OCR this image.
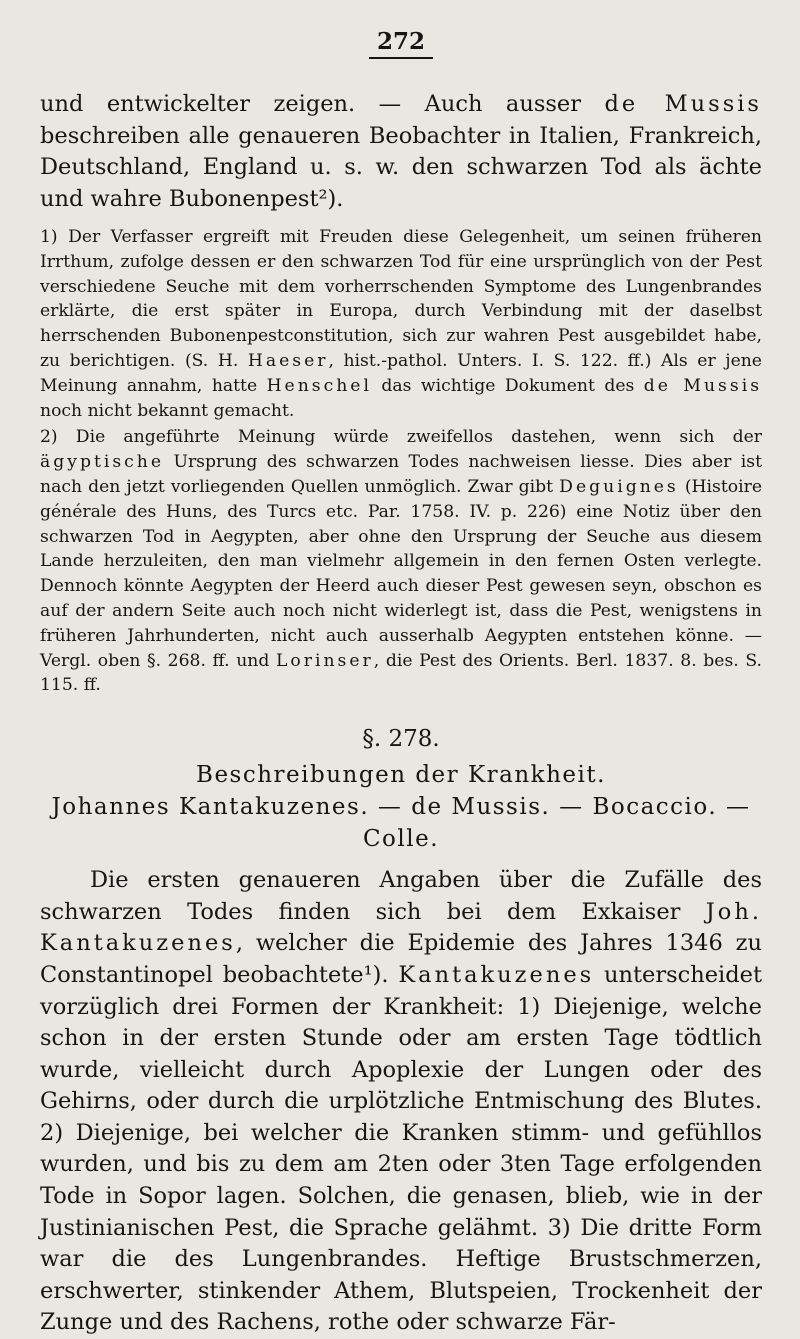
272

und entwickelter zeigen. — Auch ausser de Mussis beschreiben alle genaueren Beobachter in Italien, Frankreich, Deutschland, England u. s. w. den schwarzen Tod als ächte und wahre Bubonenpest²).

1) Der Verfasser ergreift mit Freuden diese Gelegenheit, um seinen früheren Irrthum, zufolge dessen er den schwarzen Tod für eine ursprünglich von der Pest verschiedene Seuche mit dem vorherrschenden Symptome des Lungenbrandes erklärte, die erst später in Europa, durch Verbindung mit der daselbst herrschenden Bubonenpestconstitution, sich zur wahren Pest ausgebildet habe, zu berichtigen. (S. H. Haeser, hist.-pathol. Unters. I. S. 122. ff.) Als er jene Meinung annahm, hatte Henschel das wichtige Dokument des de Mussis noch nicht bekannt gemacht.

2) Die angeführte Meinung würde zweifellos dastehen, wenn sich der ägyptische Ursprung des schwarzen Todes nachweisen liesse. Dies aber ist nach den jetzt vorliegenden Quellen unmöglich. Zwar gibt Deguignes (Histoire générale des Huns, des Turcs etc. Par. 1758. IV. p. 226) eine Notiz über den schwarzen Tod in Aegypten, aber ohne den Ursprung der Seuche aus diesem Lande herzuleiten, den man vielmehr allgemein in den fernen Osten verlegte. Dennoch könnte Aegypten der Heerd auch dieser Pest gewesen seyn, obschon es auf der andern Seite auch noch nicht widerlegt ist, dass die Pest, wenigstens in früheren Jahrhunderten, nicht auch ausserhalb Aegypten entstehen könne. — Vergl. oben §. 268. ff. und Lorinser, die Pest des Orients. Berl. 1837. 8. bes. S. 115. ff.

§. 278.
Beschreibungen der Krankheit.
Johannes Kantakuzenes. — de Mussis. — Bocaccio. — Colle.

Die ersten genaueren Angaben über die Zufälle des schwarzen Todes finden sich bei dem Exkaiser Joh. Kantakuzenes, welcher die Epidemie des Jahres 1346 zu Constantinopel beobachtete¹). Kantakuzenes unterscheidet vorzüglich drei Formen der Krankheit: 1) Diejenige, welche schon in der ersten Stunde oder am ersten Tage tödtlich wurde, vielleicht durch Apoplexie der Lungen oder des Gehirns, oder durch die urplötzliche Entmischung des Blutes. 2) Diejenige, bei welcher die Kranken stimm- und gefühllos wurden, und bis zu dem am 2ten oder 3ten Tage erfolgenden Tode in Sopor lagen. Solchen, die genasen, blieb, wie in der Justinianischen Pest, die Sprache gelähmt. 3) Die dritte Form war die des Lungenbrandes. Heftige Brustschmerzen, erschwerter, stinkender Athem, Blutspeien, Trockenheit der Zunge und des Rachens, rothe oder schwarze Fär-
